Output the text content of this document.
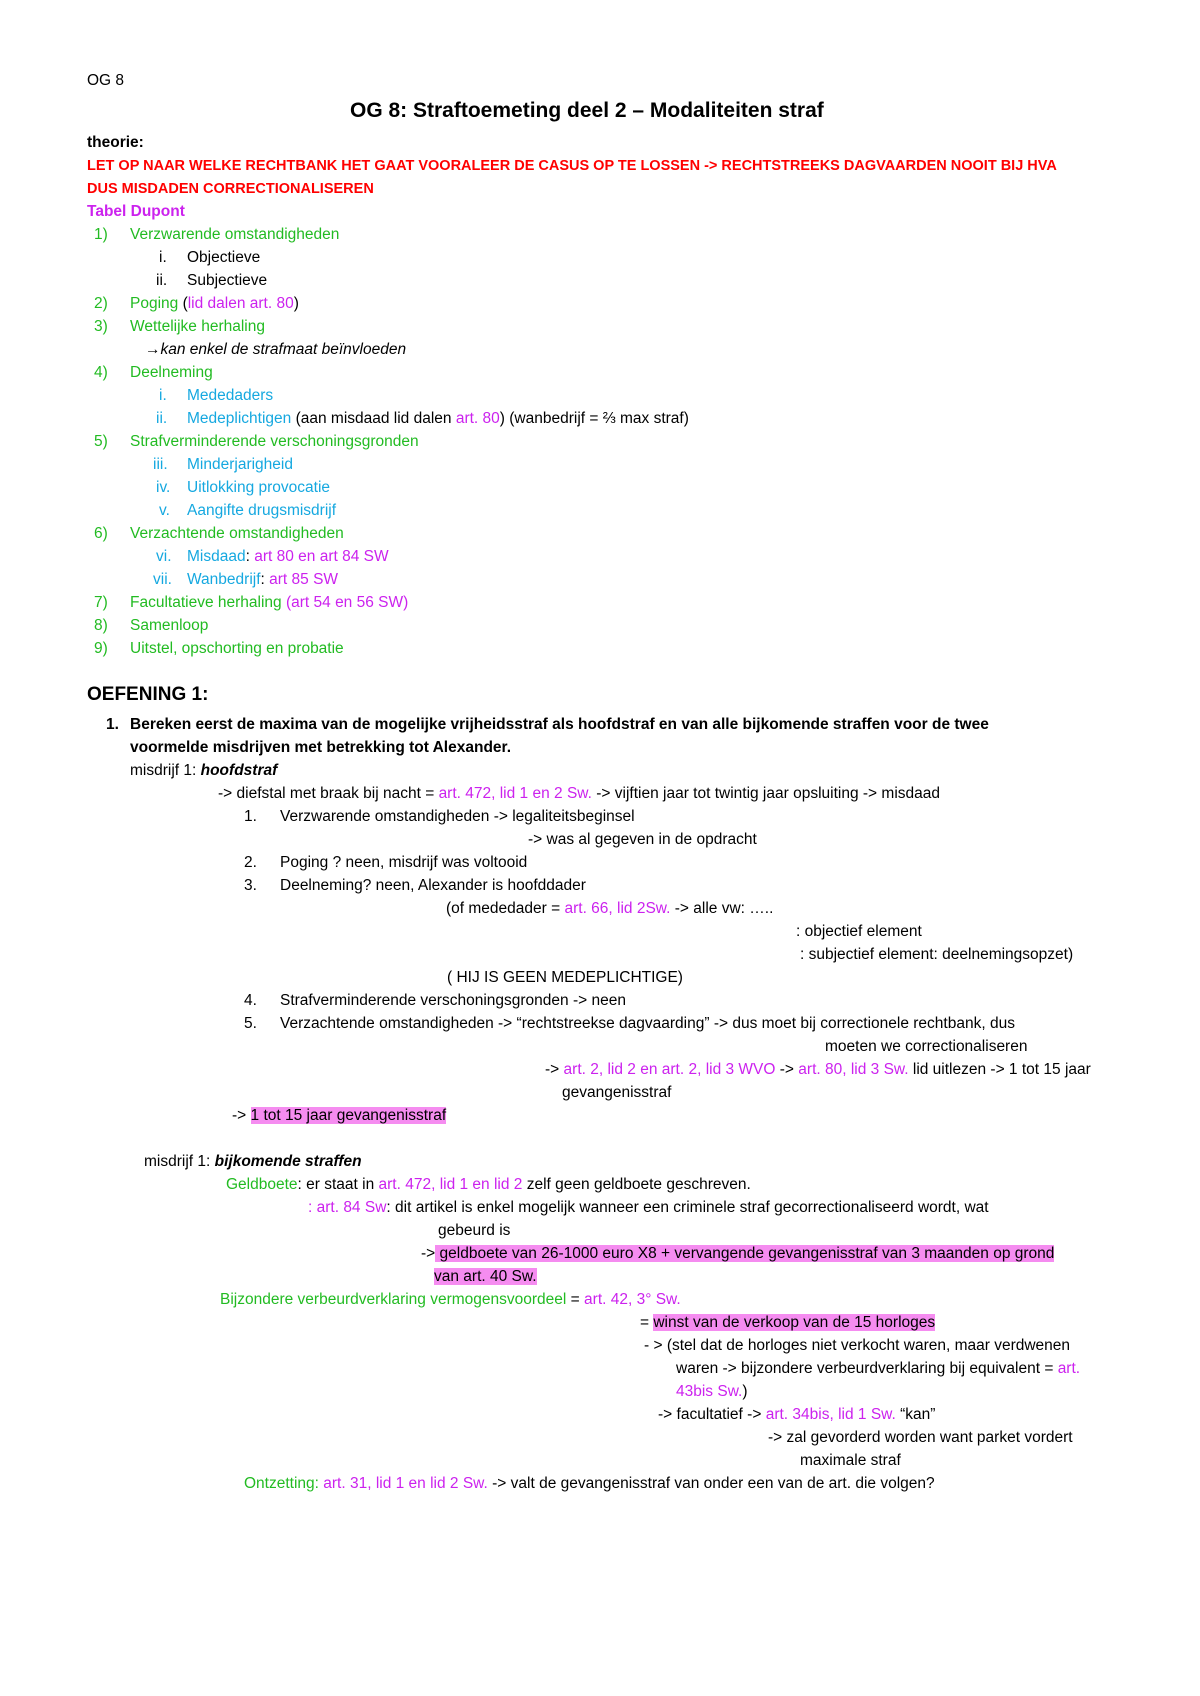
OG 8
OG 8: Straftoemeting deel 2 – Modaliteiten straf
theorie:
LET OP NAAR WELKE RECHTBANK HET GAAT VOORALEER DE CASUS OP TE LOSSEN -> RECHTSTREEKS DAGVAARDEN NOOIT BIJ HVA
DUS MISDADEN CORRECTIONALISEREN
Tabel Dupont
1) Verzwarende omstandigheden
i. Objectieve
ii. Subjectieve
2) Poging (lid dalen art. 80)
3) Wettelijke herhaling
→kan enkel de strafmaat beïnvloeden
4) Deelneming
i. Mededaders
ii. Medeplichtigen (aan misdaad lid dalen art. 80) (wanbedrijf = ⅔ max straf)
5) Strafverminderende verschoningsgronden
iii. Minderjarigheid
iv. Uitlokking provocatie
v. Aangifte drugsmisdrijf
6) Verzachtende omstandigheden
vi. Misdaad: art 80 en art 84 SW
vii. Wanbedrijf: art 85 SW
7) Facultatieve herhaling (art 54 en 56 SW)
8) Samenloop
9) Uitstel, opschorting en probatie
OEFENING 1:
1. Bereken eerst de maxima van de mogelijke vrijheidsstraf als hoofdstraf en van alle bijkomende straffen voor de twee
voormelde misdrijven met betrekking tot Alexander.
misdrijf 1: hoofdstraf
-> diefstal met braak bij nacht = art. 472, lid 1 en 2 Sw. -> vijftien jaar tot twintig jaar opsluiting -> misdaad
1. Verzwarende omstandigheden -> legaliteitsbeginsel
-> was al gegeven in de opdracht
2. Poging ? neen, misdrijf was voltooid
3. Deelneming? neen, Alexander is hoofddader
(of mededader = art. 66, lid 2Sw. -> alle vw: …..
: objectief element
: subjectief element: deelnemingsopzet)
( HIJ IS GEEN MEDEPLICHTIGE)
4. Strafverminderende verschoningsgronden -> neen
5. Verzachtende omstandigheden -> “rechtstreekse dagvaarding” -> dus moet bij correctionele rechtbank, dus
moeten we correctionaliseren
-> art. 2, lid 2 en art. 2, lid 3 WVO -> art. 80, lid 3 Sw. lid uitlezen -> 1 tot 15 jaar
gevangenisstraf
-> 1 tot 15 jaar gevangenisstraf
misdrijf 1: bijkomende straffen
Geldboete: er staat in art. 472, lid 1 en lid 2 zelf geen geldboete geschreven.
: art. 84 Sw: dit artikel is enkel mogelijk wanneer een criminele straf gecorrectionaliseerd wordt, wat
gebeurd is
-> geldboete van 26-1000 euro X8 + vervangende gevangenisstraf van 3 maanden op grond
van art. 40 Sw.
Bijzondere verbeurdverklaring vermogensvoordeel = art. 42, 3° Sw.
= winst van de verkoop van de 15 horloges
- > (stel dat de horloges niet verkocht waren, maar verdwenen
waren -> bijzondere verbeurdverklaring bij equivalent = art.
43bis Sw.)
-> facultatief -> art. 34bis, lid 1 Sw. “kan”
-> zal gevorderd worden want parket vordert
maximale straf
Ontzetting: art. 31, lid 1 en lid 2 Sw. -> valt de gevangenisstraf van onder een van de art. die volgen?
